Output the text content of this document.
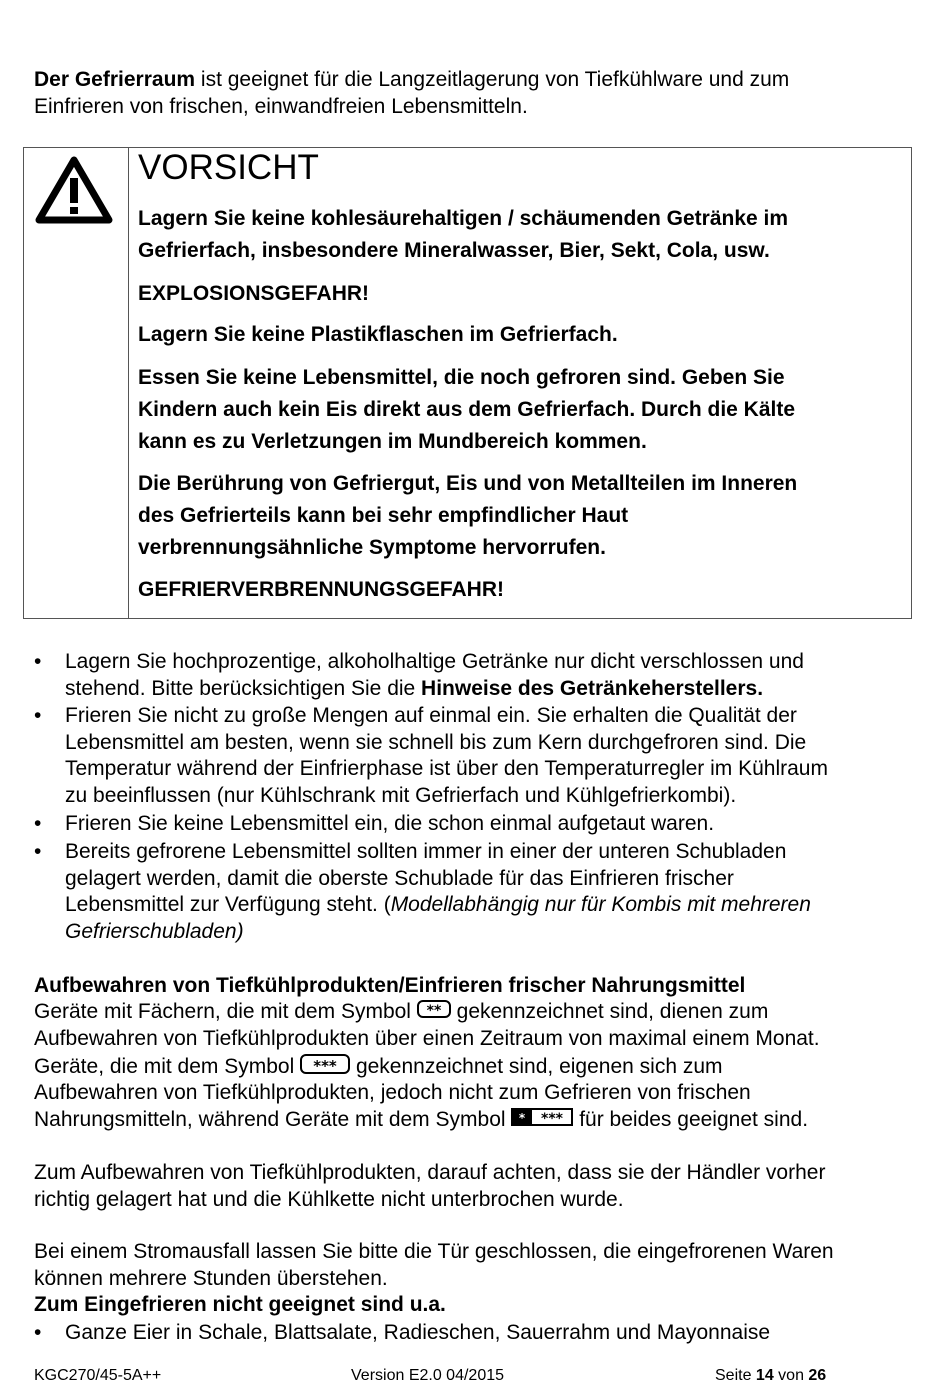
Der Gefrierraum ist geeignet für die Langzeitlagerung von Tiefkühlware und zum
Einfrieren von frischen, einwandfreien Lebensmitteln.

VORSICHT

Lagern Sie keine kohlesäurehaltigen / schäumenden Getränke im

Gefrierfach, insbesondere Mineralwasser, Bier, Sekt, Cola, usw.

EXPLOSIONSGEFAHR!

Lagern Sie keine Plastikflaschen im Gefrierfach.

Essen Sie keine Lebensmittel, die noch gefroren sind. Geben Sie

Kindern auch kein Eis direkt aus dem Gefrierfach. Durch die Kälte

kann es zu Verletzungen im Mundbereich kommen.

Die Berührung von Gefriergut, Eis und von Metallteilen im Inneren

des Gefrierteils kann bei sehr empfindlicher Haut

verbrennungsähnliche Symptome hervorrufen.

GEFRIERVERBRENNUNGSGEFAHR!

•	Lagern Sie hochprozentige, alkoholhaltige Getränke nur dicht verschlossen und
stehend. Bitte berücksichtigen Sie die Hinweise des Getränkeherstellers.
•	Frieren Sie nicht zu große Mengen auf einmal ein. Sie erhalten die Qualität der
Lebensmittel am besten, wenn sie schnell bis zum Kern durchgefroren sind. Die
Temperatur während der Einfrierphase ist über den Temperaturregler im Kühlraum
zu beeinflussen (nur Kühlschrank mit Gefrierfach und Kühlgefrierkombi).
•	Frieren Sie keine Lebensmittel ein, die schon einmal aufgetaut waren.
•	Bereits gefrorene Lebensmittel sollten immer in einer der unteren Schubladen
gelagert werden, damit die oberste Schublade für das Einfrieren frischer
Lebensmittel zur Verfügung steht. (Modellabhängig nur für Kombis mit mehreren
Gefrierschubladen)

Aufbewahren von Tiefkühlprodukten/Einfrieren frischer Nahrungsmittel

Geräte mit Fächern, die mit dem Symbol ** gekennzeichnet sind, dienen zum

Aufbewahren von Tiefkühlprodukten über einen Zeitraum von maximal einem Monat.

Geräte, die mit dem Symbol *** gekennzeichnet sind, eigenen sich zum

Aufbewahren von Tiefkühlprodukten, jedoch nicht zum Gefrieren von frischen

Nahrungsmitteln, während Geräte mit dem Symbol * *** für beides geeignet sind.

Zum Aufbewahren von Tiefkühlprodukten, darauf achten, dass sie der Händler vorher
richtig gelagert hat und die Kühlkette nicht unterbrochen wurde.

Bei einem Stromausfall lassen Sie bitte die Tür geschlossen, die eingefrorenen Waren
können mehrere Stunden überstehen.

Zum Eingefrieren nicht geeignet sind u.a.

•	Ganze Eier in Schale, Blattsalate, Radieschen, Sauerrahm und Mayonnaise
KGC270/45-5A++	Version E2.0 04/2015	Seite 14 von 26
